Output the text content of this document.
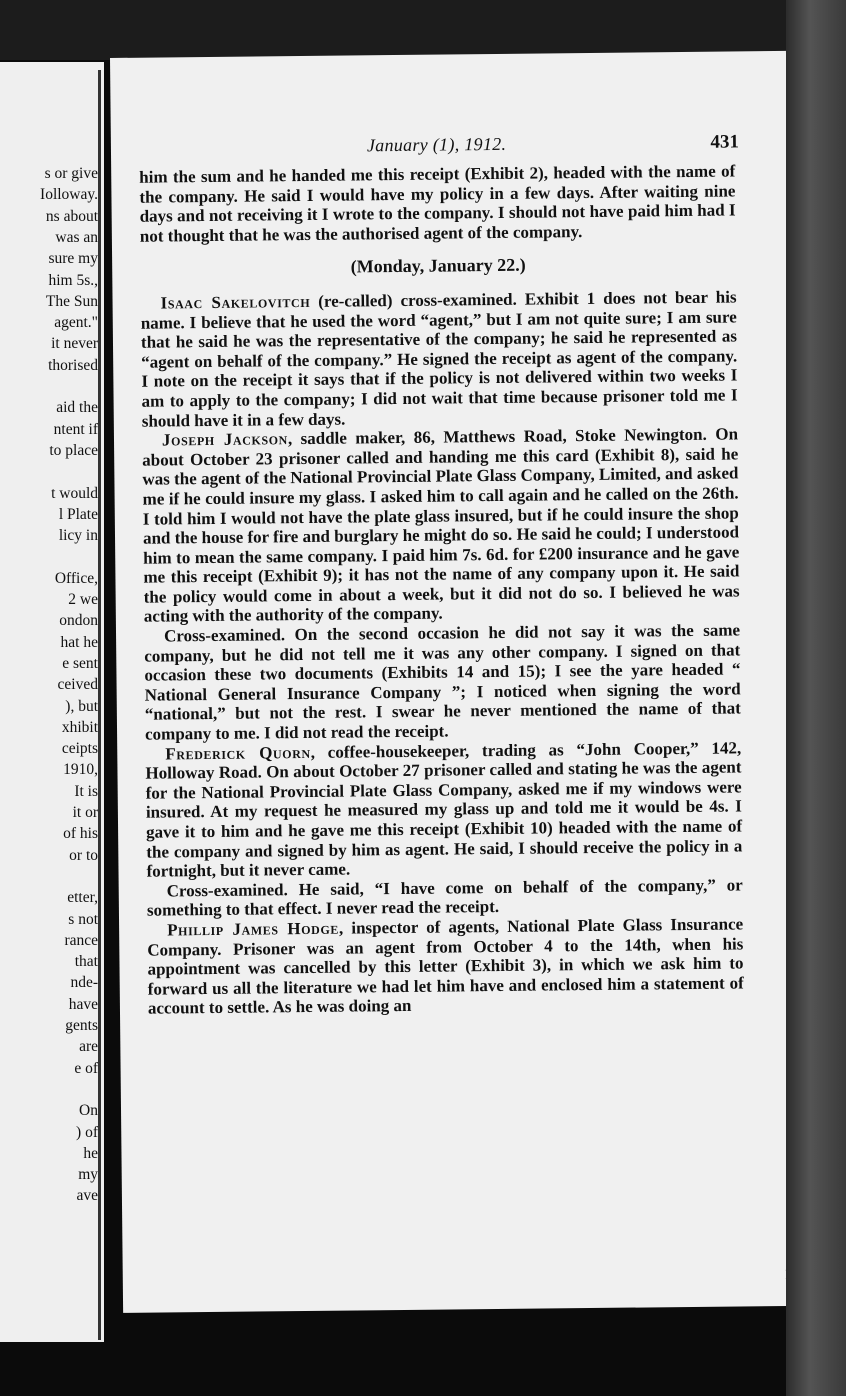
s or give
Iolloway.
ns about
was an
sure my
him 5s.,
The Sun
agent."
it never
thorised
aid the
ntent if
to place
t would
l Plate
licy in
Office,
2 we
ondon
hat he
e sent
ceived
), but
xhibit
ceipts
1910,
It is
it or
of his
or to
etter,
s not
rance
that
nde-
have
gents
are
e of
On
) of
he
my
ave
January (1), 1912.	431

him the sum and he handed me this receipt (Exhibit 2), headed with the name of the company. He said I would have my policy in a few days. After waiting nine days and not receiving it I wrote to the company. I should not have paid him had I not thought that he was the authorised agent of the company.

(Monday, January 22.)

Isaac Sakelovitch (re-called) cross-examined. Exhibit 1 does not bear his name. I believe that he used the word “agent,” but I am not quite sure; I am sure that he said he was the representative of the company; he said he represented as “agent on behalf of the company.” He signed the receipt as agent of the company. I note on the receipt it says that if the policy is not delivered within two weeks I am to apply to the company; I did not wait that time because prisoner told me I should have it in a few days.

Joseph Jackson, saddle maker, 86, Matthews Road, Stoke Newington. On about October 23 prisoner called and handing me this card (Exhibit 8), said he was the agent of the National Provincial Plate Glass Company, Limited, and asked me if he could insure my glass. I asked him to call again and he called on the 26th. I told him I would not have the plate glass insured, but if he could insure the shop and the house for fire and burglary he might do so. He said he could; I understood him to mean the same company. I paid him 7s. 6d. for £200 insurance and he gave me this receipt (Exhibit 9); it has not the name of any company upon it. He said the policy would come in about a week, but it did not do so. I believed he was acting with the authority of the company.

Cross-examined. On the second occasion he did not say it was the same company, but he did not tell me it was any other company. I signed on that occasion these two documents (Exhibits 14 and 15); I see the yare headed “ National General Insurance Company ”; I noticed when signing the word “national,” but not the rest. I swear he never mentioned the name of that company to me. I did not read the receipt.

Frederick Quorn, coffee-housekeeper, trading as “John Cooper,” 142, Holloway Road. On about October 27 prisoner called and stating he was the agent for the National Provincial Plate Glass Company, asked me if my windows were insured. At my request he measured my glass up and told me it would be 4s. I gave it to him and he gave me this receipt (Exhibit 10) headed with the name of the company and signed by him as agent. He said, I should receive the policy in a fortnight, but it never came.

Cross-examined. He said, “I have come on behalf of the company,” or something to that effect. I never read the receipt.

Phillip James Hodge, inspector of agents, National Plate Glass Insurance Company. Prisoner was an agent from October 4 to the 14th, when his appointment was cancelled by this letter (Exhibit 3), in which we ask him to forward us all the literature we had let him have and enclosed him a statement of account to settle. As he was doing an
